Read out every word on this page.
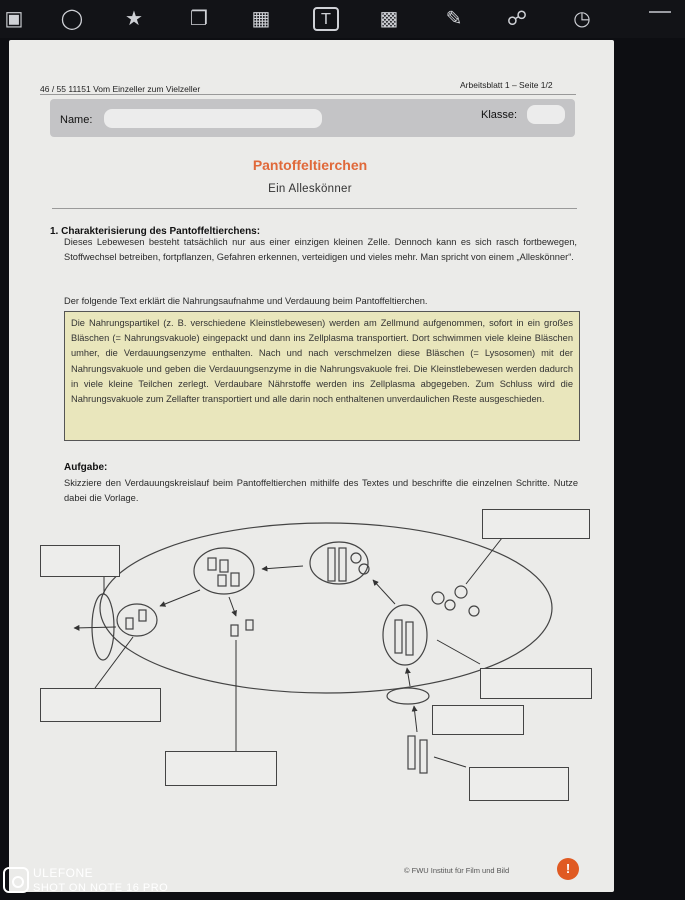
▣ ◯ ★ ❐ ▦	T	▩ ✎ ☍ ◷
46 / 55 11151 Vom Einzeller zum Vielzeller	Arbeitsblatt 1 – Seite 1/2
Name:	Klasse:
Pantoffeltierchen
Ein Alleskönner
1. Charakterisierung des Pantoffeltierchens:
Dieses Lebewesen besteht tatsächlich nur aus einer einzigen kleinen Zelle. Dennoch kann es sich rasch fortbewegen, Stoffwechsel betreiben, fortpflanzen, Gefahren erkennen, verteidigen und vieles mehr. Man spricht von einem „Alleskönner“.
Der folgende Text erklärt die Nahrungsaufnahme und Verdauung beim Pantoffeltierchen.
Die Nahrungspartikel (z. B. verschiedene Kleinstlebewesen) werden am Zellmund aufgenommen, sofort in ein großes Bläschen (= Nahrungsvakuole) eingepackt und dann ins Zellplasma transportiert. Dort schwimmen viele kleine Bläschen umher, die Verdauungsenzyme enthalten. Nach und nach verschmelzen diese Bläschen (= Lysosomen) mit der Nahrungsvakuole und geben die Verdauungsenzyme in die Nahrungsvakuole frei. Die Kleinstlebewesen werden dadurch in viele kleine Teilchen zerlegt. Verdaubare Nährstoffe werden ins Zellplasma abgegeben. Zum Schluss wird die Nahrungsvakuole zum Zellafter transportiert und alle darin noch enthaltenen unverdaulichen Reste ausgeschieden.
Aufgabe:
Skizziere den Verdauungskreislauf beim Pantoffeltierchen mithilfe des Textes und beschrifte die einzelnen Schritte. Nutze dabei die Vorlage.
© FWU Institut für Film und Bild	!
ULEFONE
SHOT ON NOTE 16 PRO
